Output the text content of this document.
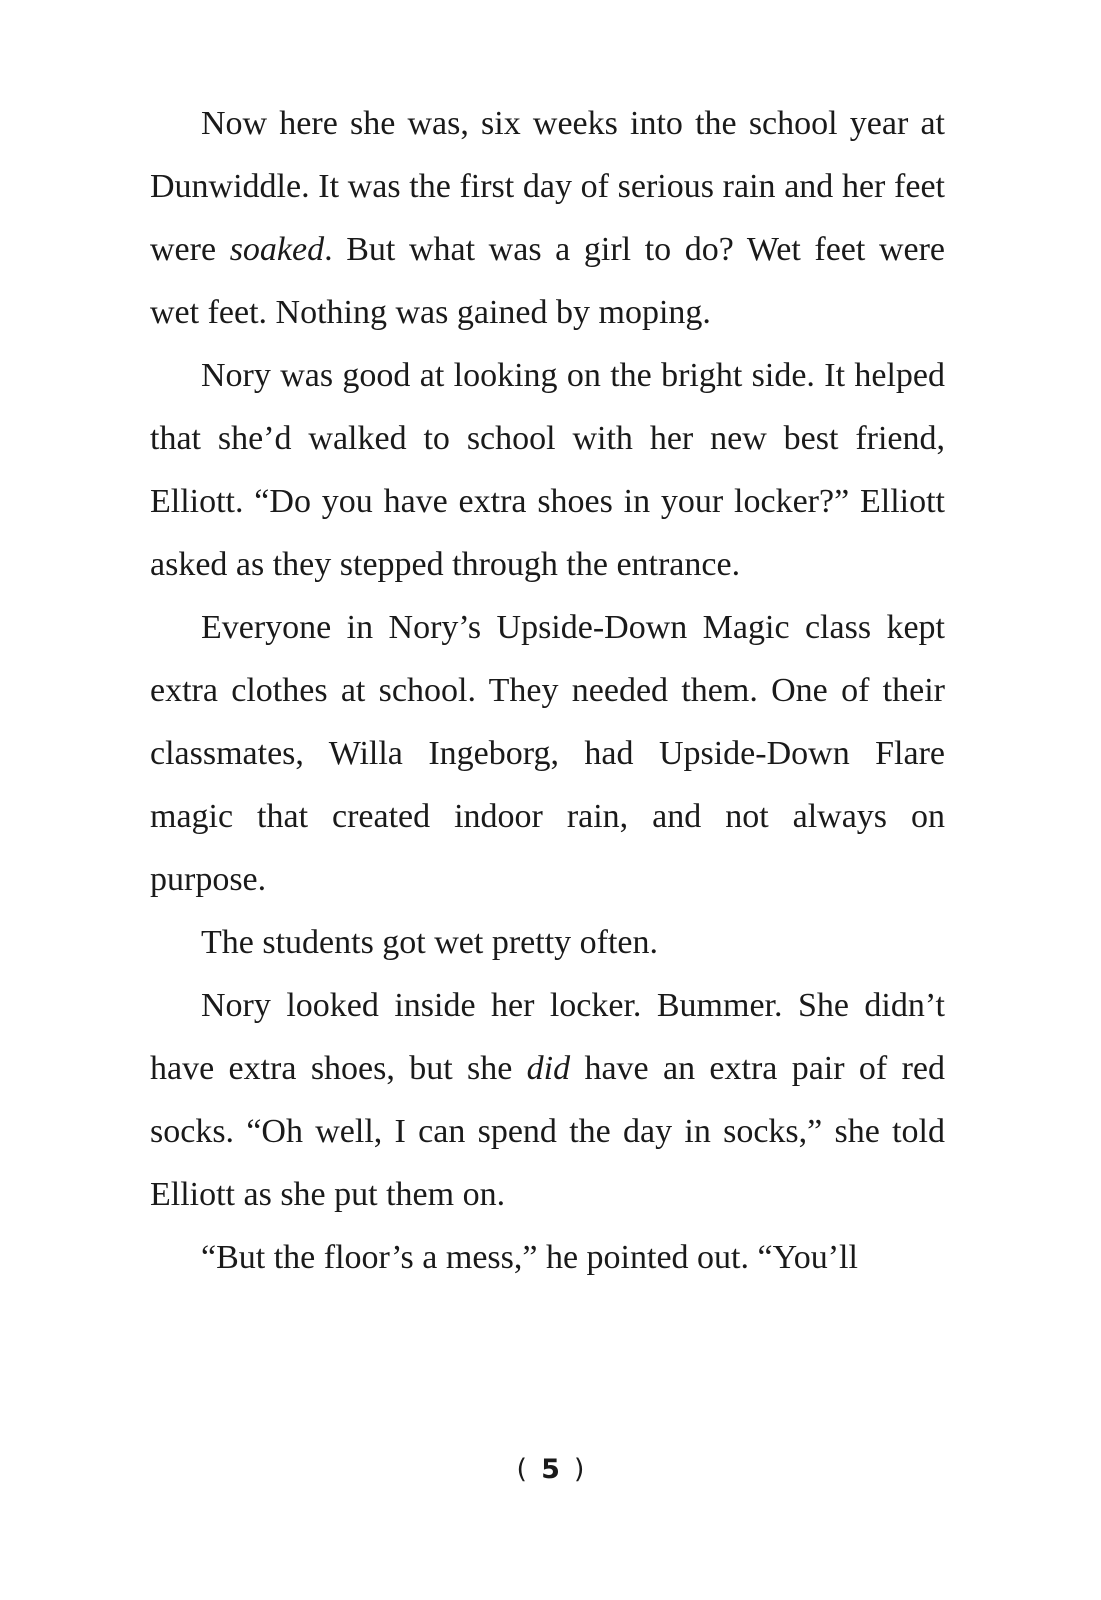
Now here she was, six weeks into the school year at Dunwiddle. It was the first day of serious rain and her feet were soaked. But what was a girl to do? Wet feet were wet feet. Nothing was gained by moping.

Nory was good at looking on the bright side. It helped that she’d walked to school with her new best friend, Elliott. “Do you have extra shoes in your locker?” Elliott asked as they stepped through the entrance.

Everyone in Nory’s Upside-Down Magic class kept extra clothes at school. They needed them. One of their classmates, Willa Ingeborg, had Upside-Down Flare magic that created indoor rain, and not always on purpose.

The students got wet pretty often.

Nory looked inside her locker. Bummer. She didn’t have extra shoes, but she did have an extra pair of red socks. “Oh well, I can spend the day in socks,” she told Elliott as she put them on.

“But the floor’s a mess,” he pointed out. “You’ll

( 5 )
